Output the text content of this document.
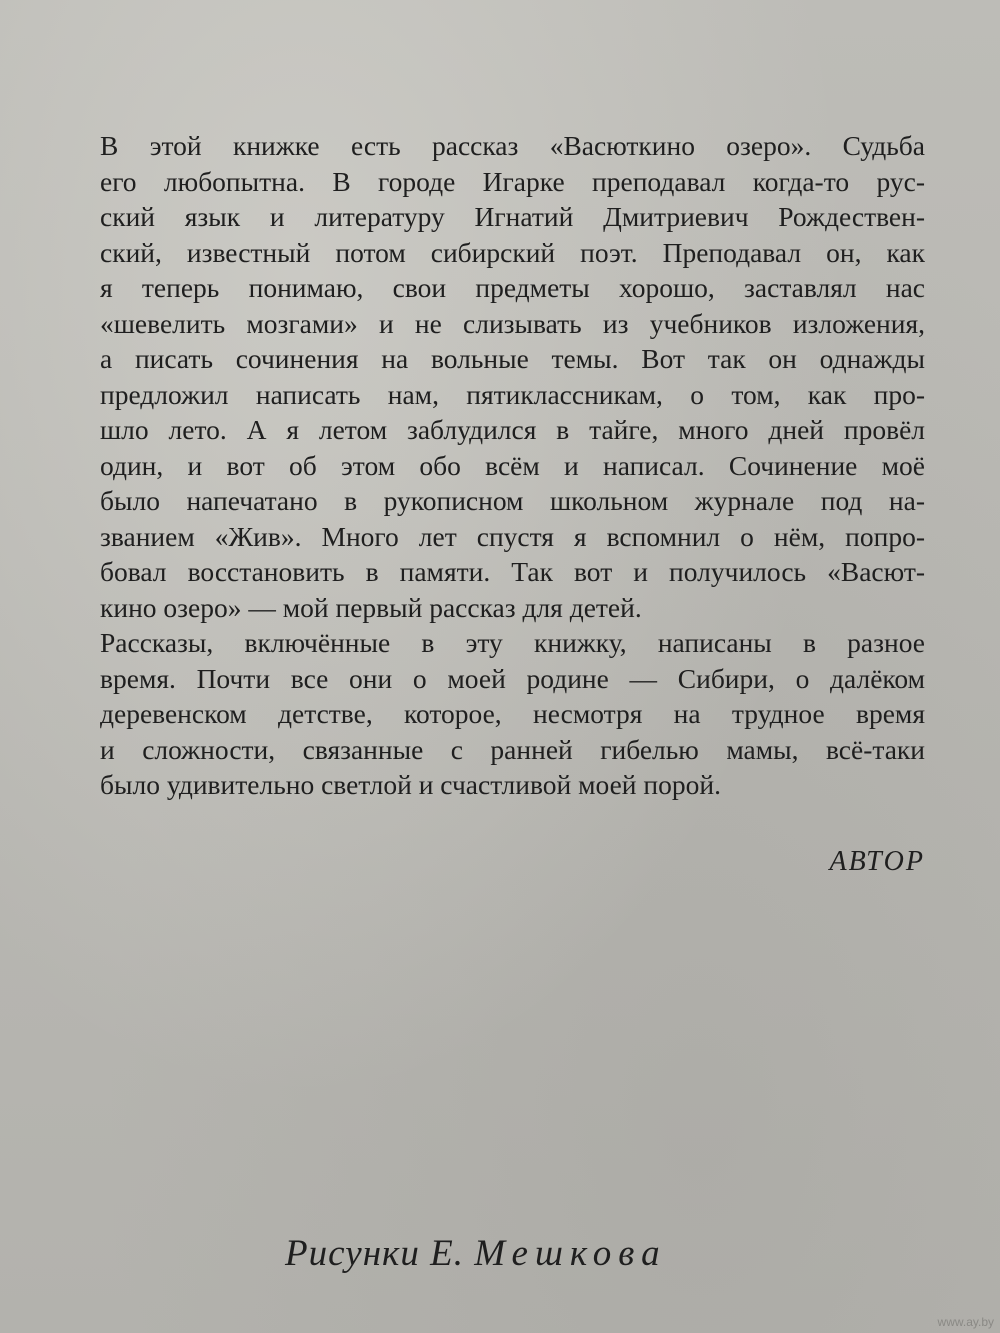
В этой книжке есть рассказ «Васюткино озеро». Судьба
его любопытна. В городе Игарке преподавал когда-то рус-
ский язык и литературу Игнатий Дмитриевич Рождествен-
ский, известный потом сибирский поэт. Преподавал он, как
я теперь понимаю, свои предметы хорошо, заставлял нас
«шевелить мозгами» и не слизывать из учебников изложения,
а писать сочинения на вольные темы. Вот так он однажды
предложил написать нам, пятиклассникам, о том, как про-
шло лето. А я летом заблудился в тайге, много дней провёл
один, и вот об этом обо всём и написал. Сочинение моё
было напечатано в рукописном школьном журнале под на-
званием «Жив». Много лет спустя я вспомнил о нём, попро-
бовал восстановить в памяти. Так вот и получилось «Васют-
кино озеро» — мой первый рассказ для детей.
Рассказы, включённые в эту книжку, написаны в разное
время. Почти все они о моей родине — Сибири, о далёком
деревенском детстве, которое, несмотря на трудное время
и сложности, связанные с ранней гибелью мамы, всё-таки
было удивительно светлой и счастливой моей порой.
АВТОР
Рисунки Е. Мешкова
www.ay.by
